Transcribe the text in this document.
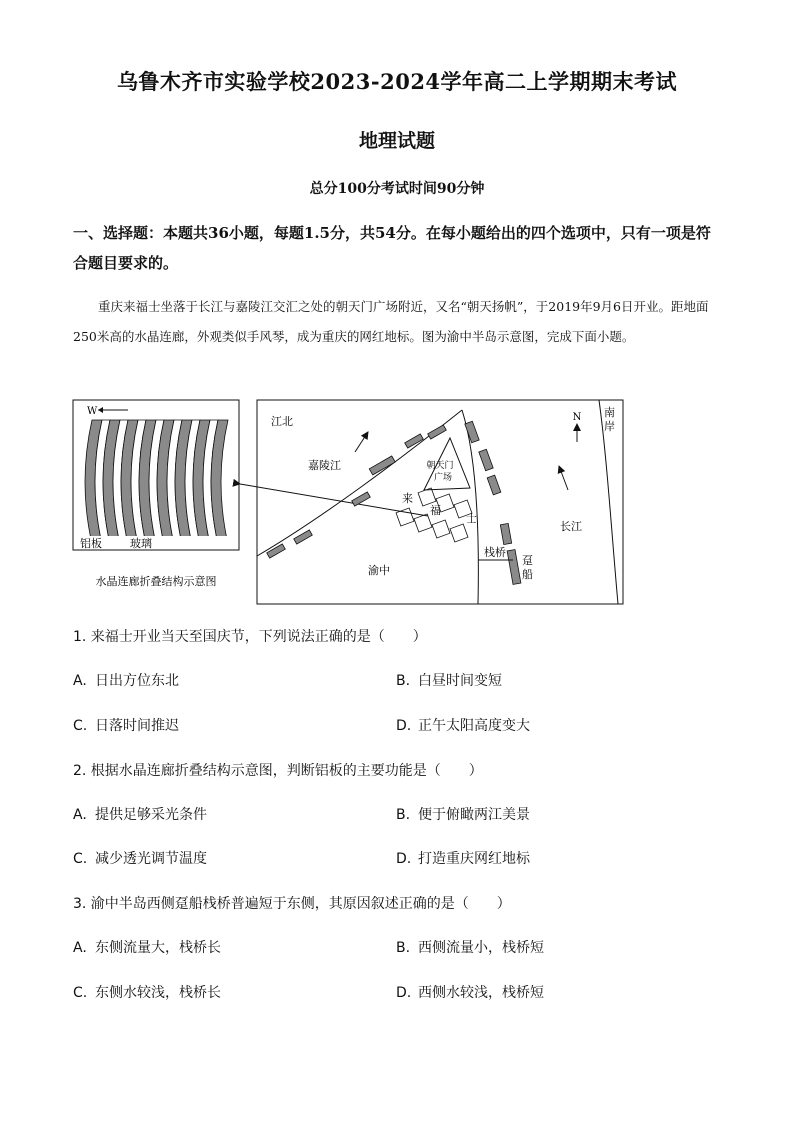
乌鲁木齐市实验学校2023-2024学年高二上学期期末考试
地理试题
总分100分考试时间90分钟
一、选择题：本题共36小题，每题1.5分，共54分。在每小题给出的四个选项中，只有一项是符合题目要求的。
重庆来福士坐落于长江与嘉陵江交汇之处的朝天门广场附近，又名“朝天扬帆”，于2019年9月6日开业。距地面250米高的水晶连廊，外观类似手风琴，成为重庆的网红地标。图为渝中半岛示意图，完成下面小题。
W
铝板	玻璃
水晶连廊折叠结构示意图
N
江北
嘉陵江	朝天门
广场
来
福
士
栈桥
趸
船
渝中
长江
南
岸
1. 来福士开业当天至国庆节，下列说法正确的是（　　）
A. 日出方位东北	B. 白昼时间变短
C. 日落时间推迟	D. 正午太阳高度变大
2. 根据水晶连廊折叠结构示意图，判断铝板的主要功能是（　　）
A. 提供足够采光条件	B. 便于俯瞰两江美景
C. 减少透光调节温度	D. 打造重庆网红地标
3. 渝中半岛西侧趸船栈桥普遍短于东侧，其原因叙述正确的是（　　）
A. 东侧流量大，栈桥长	B. 西侧流量小，栈桥短
C. 东侧水较浅，栈桥长	D. 西侧水较浅，栈桥短
